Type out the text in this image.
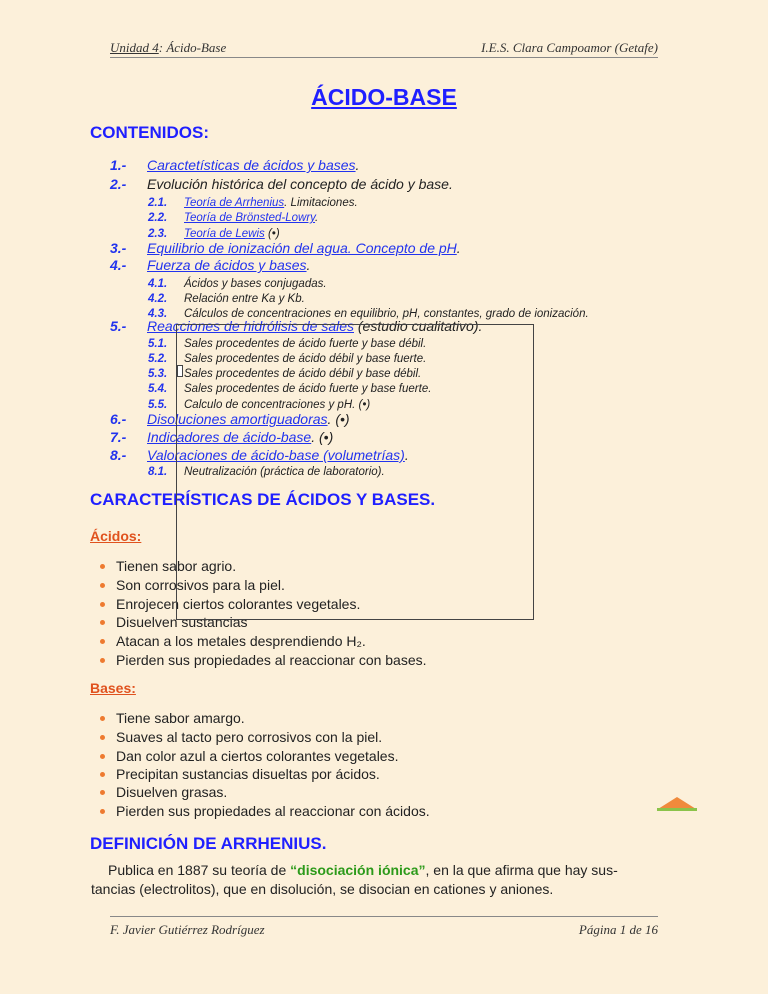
Unidad 4: Ácido-Base	I.E.S. Clara Campoamor (Getafe)
ÁCIDO-BASE
CONTENIDOS:
1.- Caractetísticas de ácidos y bases.
2.- Evolución histórica del concepto de ácido y base.
2.1. Teoría de Arrhenius. Limitaciones.
2.2. Teoría de Brönsted-Lowry.
2.3. Teoría de Lewis (•)
3.- Equilibrio de ionización del agua. Concepto de pH.
4.- Fuerza de ácidos y bases.
4.1. Ácidos y bases conjugadas.
4.2. Relación entre Ka y Kb.
4.3. Cálculos de concentraciones en equilibrio, pH, constantes, grado de ionización.
5.- Reacciones de hidrólisis de sales (estudio cualitativo).
5.1. Sales procedentes de ácido fuerte y base débil.
5.2. Sales procedentes de ácido débil y base fuerte.
5.3. Sales procedentes de ácido débil y base débil.
5.4. Sales procedentes de ácido fuerte y base fuerte.
5.5. Calculo de concentraciones y pH. (•)
6.- Disoluciones amortiguadoras. (•)
7.- Indicadores de ácido-base. (•)
8.- Valoraciones de ácido-base (volumetrías).
8.1. Neutralización (práctica de laboratorio).
CARACTERÍSTICAS DE ÁCIDOS Y BASES.
Ácidos:
Tienen sabor agrio.
Son corrosivos para la piel.
Enrojecen ciertos colorantes vegetales.
Disuelven sustancias
Atacan a los metales desprendiendo H₂.
Pierden sus propiedades al reaccionar con bases.
Bases:
Tiene sabor amargo.
Suaves al tacto pero corrosivos con la piel.
Dan color azul a ciertos colorantes vegetales.
Precipitan sustancias disueltas por ácidos.
Disuelven grasas.
Pierden sus propiedades al reaccionar con ácidos.
DEFINICIÓN DE ARRHENIUS.
Publica en 1887 su teoría de “disociación iónica”, en la que afirma que hay sus-
tancias (electrolitos), que en disolución, se disocian en cationes y aniones.
F. Javier Gutiérrez Rodríguez	Página 1 de 16
